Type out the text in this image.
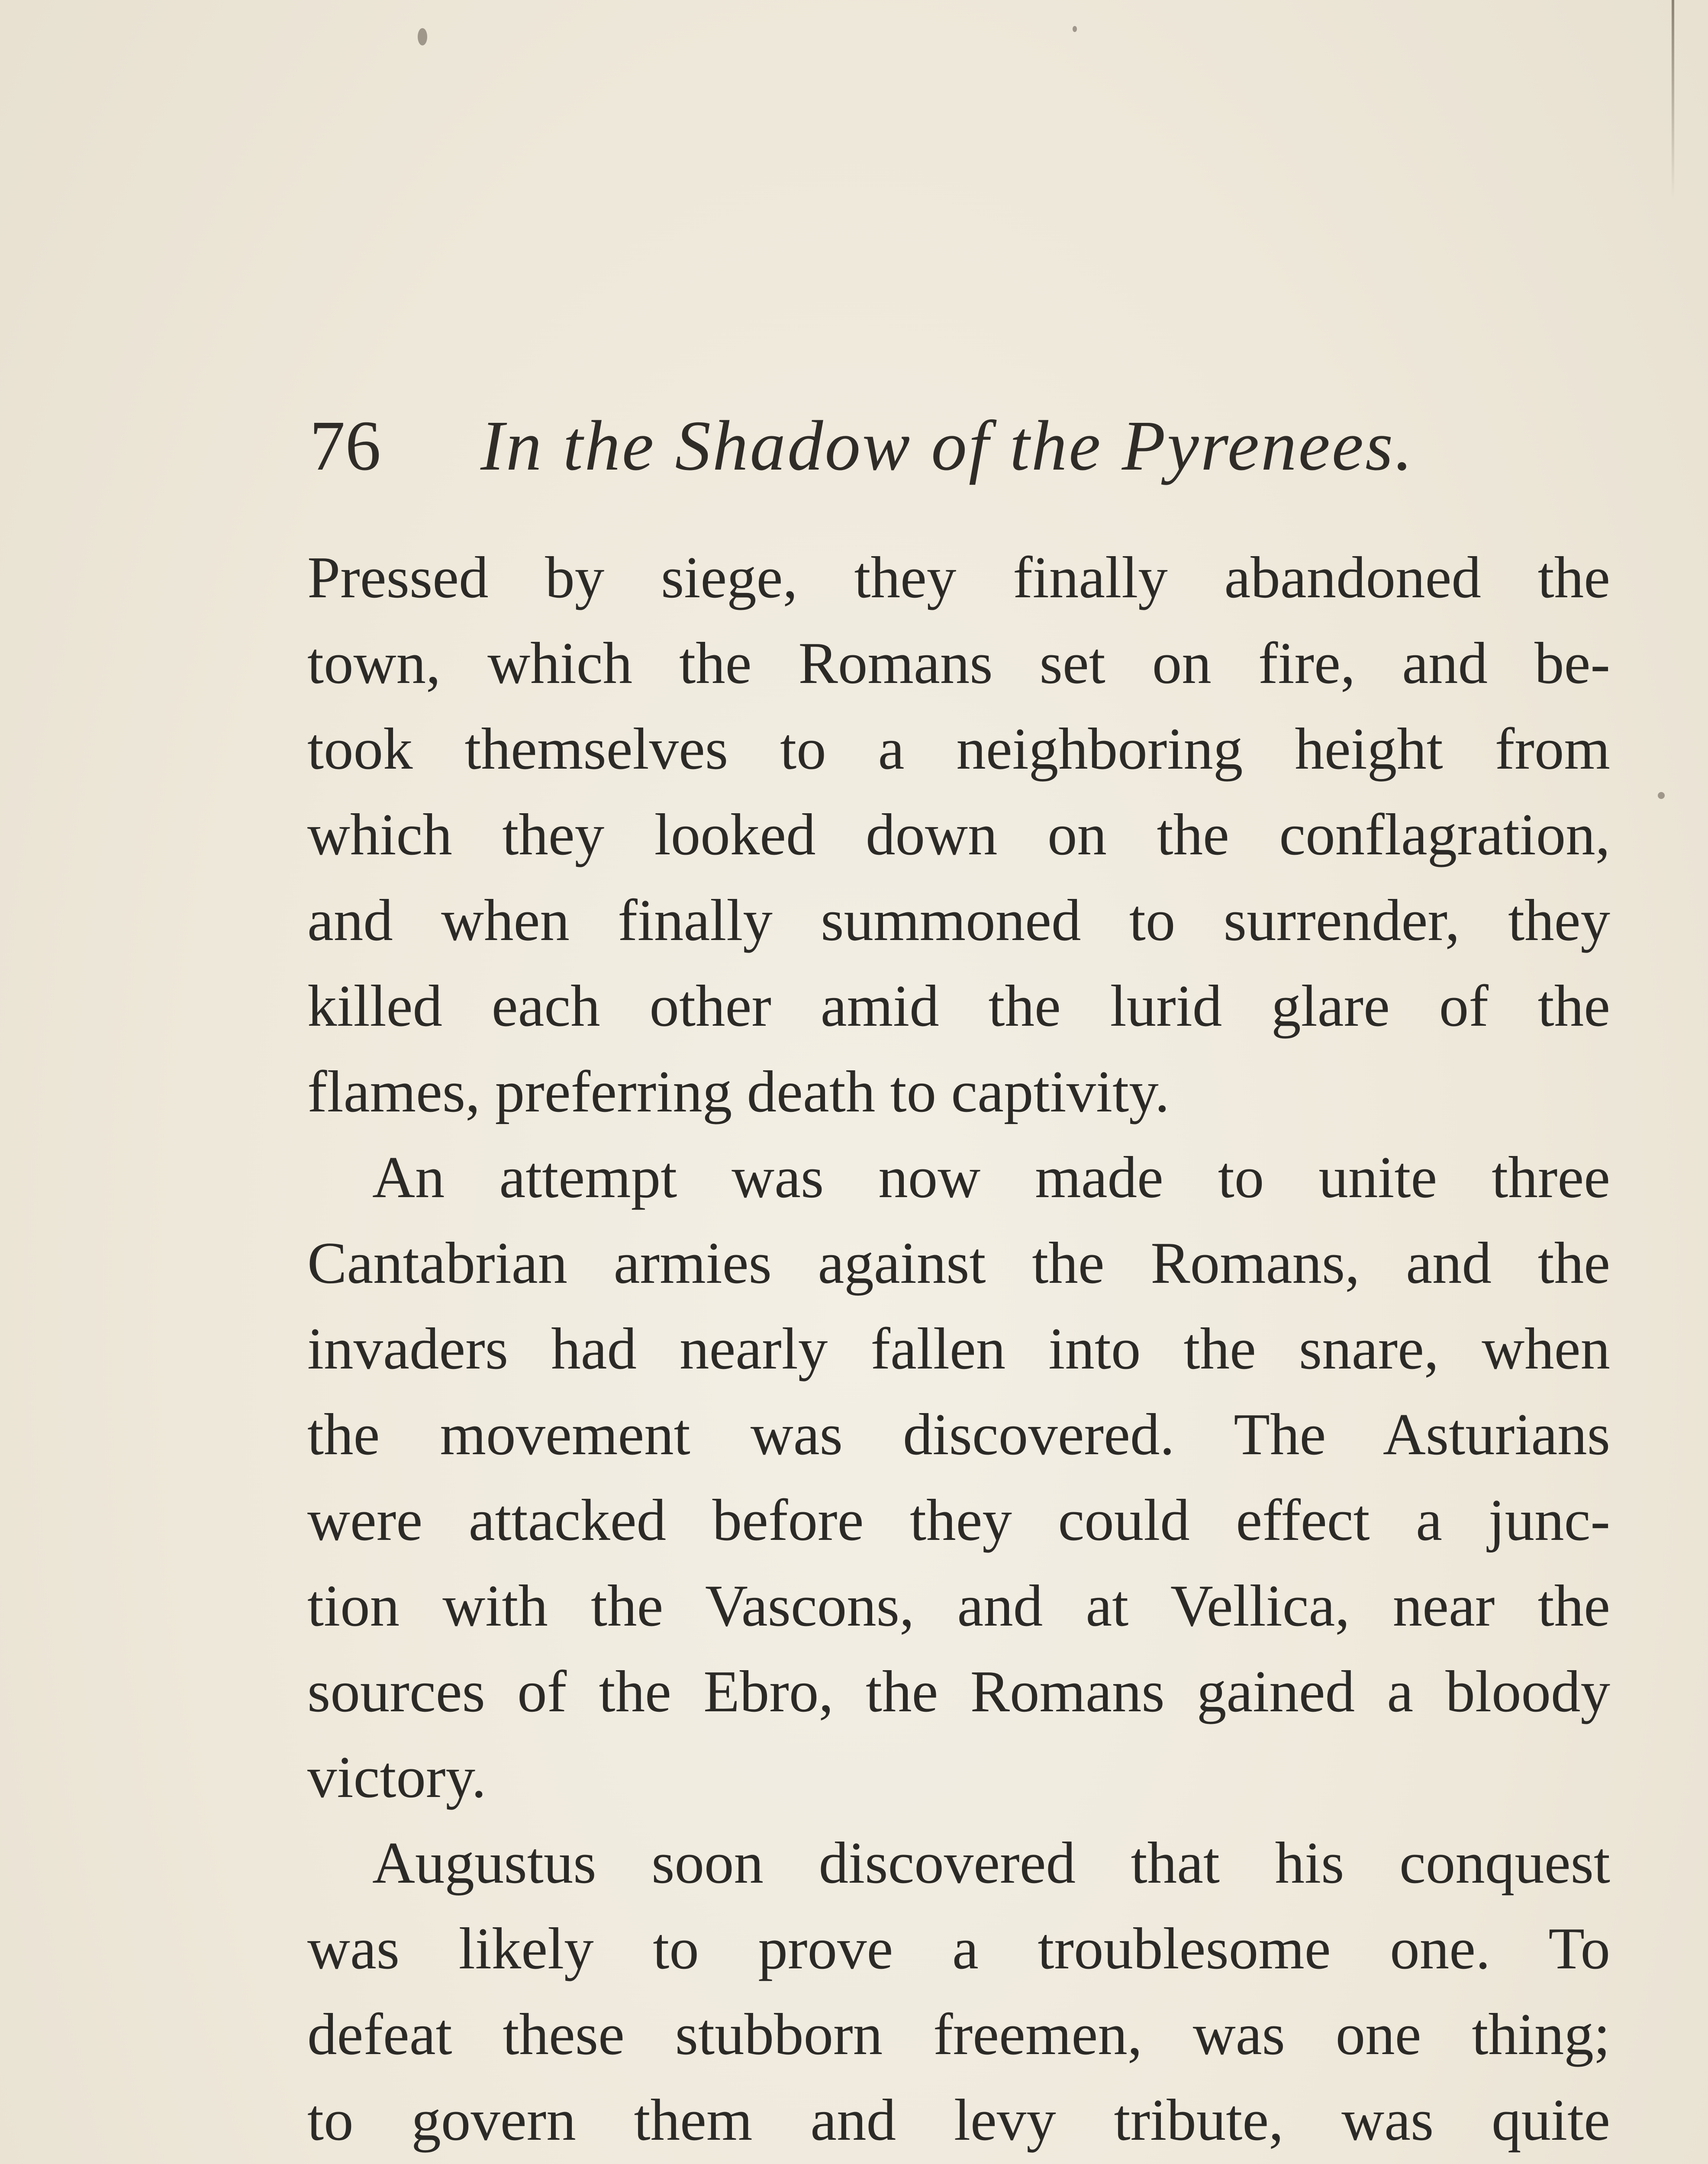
76 In the Shadow of the Pyrenees.
Pressed by siege, they finally abandoned the
town, which the Romans set on fire, and be-
took themselves to a neighboring height from
which they looked down on the conflagration,
and when finally summoned to surrender, they
killed each other amid the lurid glare of the
flames, preferring death to captivity.
An attempt was now made to unite three
Cantabrian armies against the Romans, and the
invaders had nearly fallen into the snare, when
the movement was discovered. The Asturians
were attacked before they could effect a junc-
tion with the Vascons, and at Vellica, near the
sources of the Ebro, the Romans gained a bloody
victory.
Augustus soon discovered that his conquest
was likely to prove a troublesome one. To
defeat these stubborn freemen, was one thing;
to govern them and levy tribute, was quite
